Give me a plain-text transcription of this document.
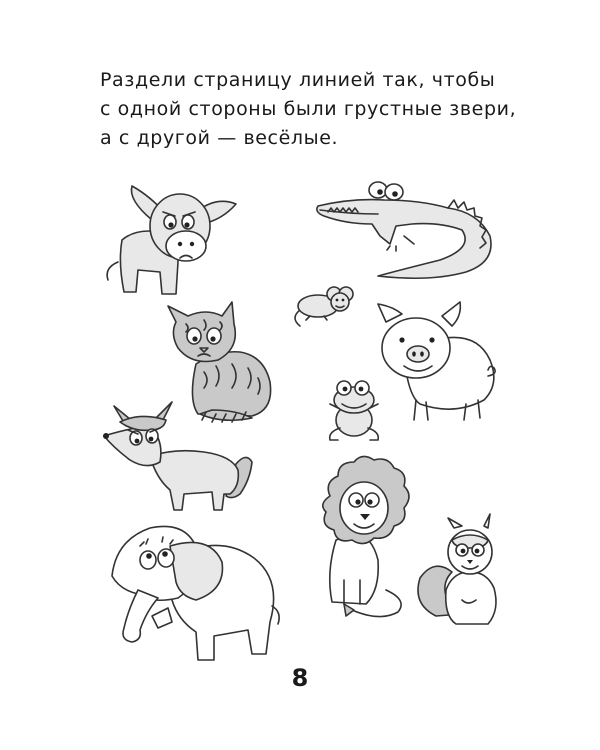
Раздели страницу линией так, чтобы
с одной стороны были грустные звери,
а с другой — весёлые.
8
